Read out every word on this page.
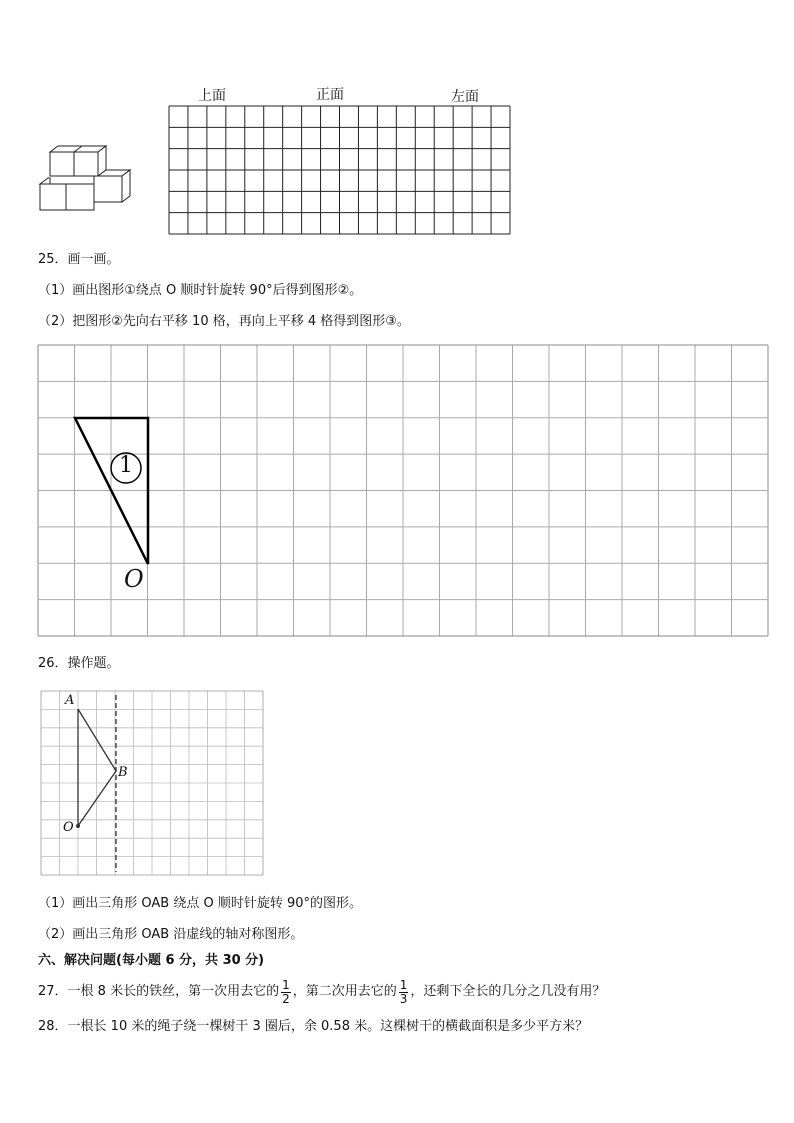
上面	正面	左面
25．画一画。
（1）画出图形①绕点 O 顺时针旋转 90°后得到图形②。
（2）把图形②先向右平移 10 格，再向上平移 4 格得到图形③。
1
O
26．操作题。
A
B
O
（1）画出三角形 OAB 绕点 O 顺时针旋转 90°的图形。
（2）画出三角形 OAB 沿虚线的轴对称图形。
六、解决问题(每小题 6 分，共 30 分)
27．一根 8 米长的铁丝，第一次用去它的 $\frac{1}{2}$ ，第二次用去它的 $\frac{1}{3}$ ，还剩下全长的几分之几没有用？
28．一根长 10 米的绳子绕一棵树干 3 圈后，余 0.58 米。这棵树干的横截面积是多少平方米？
